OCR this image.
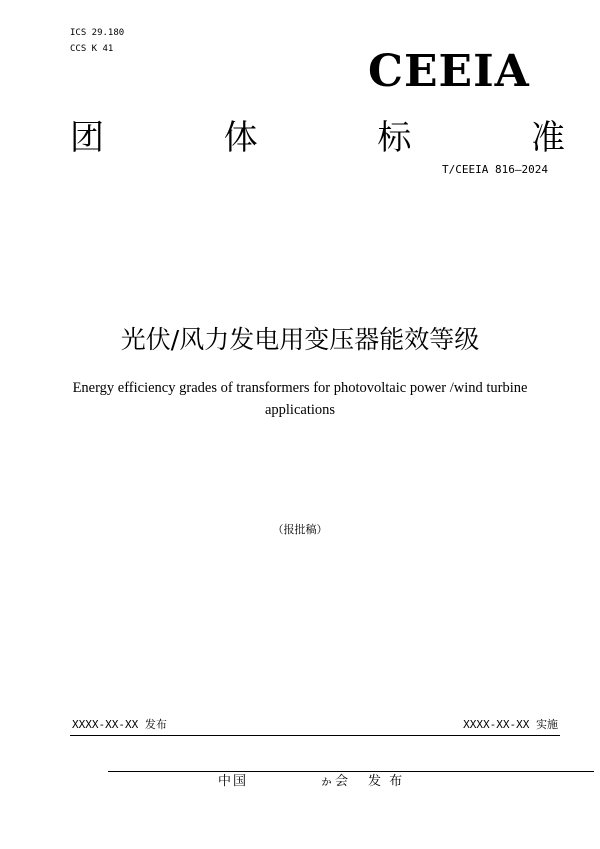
ICS 29.180
CCS K 41	CEEIA
团	体	标	准
T/CEEIA 816—2024
光伏/风力发电用变压器能效等级
Energy efficiency grades of transformers for photovoltaic power /wind turbine applications
（报批稿）
XXXX-XX-XX 发布	XXXX-XX-XX 实施
中国	ゕ会 发 布
